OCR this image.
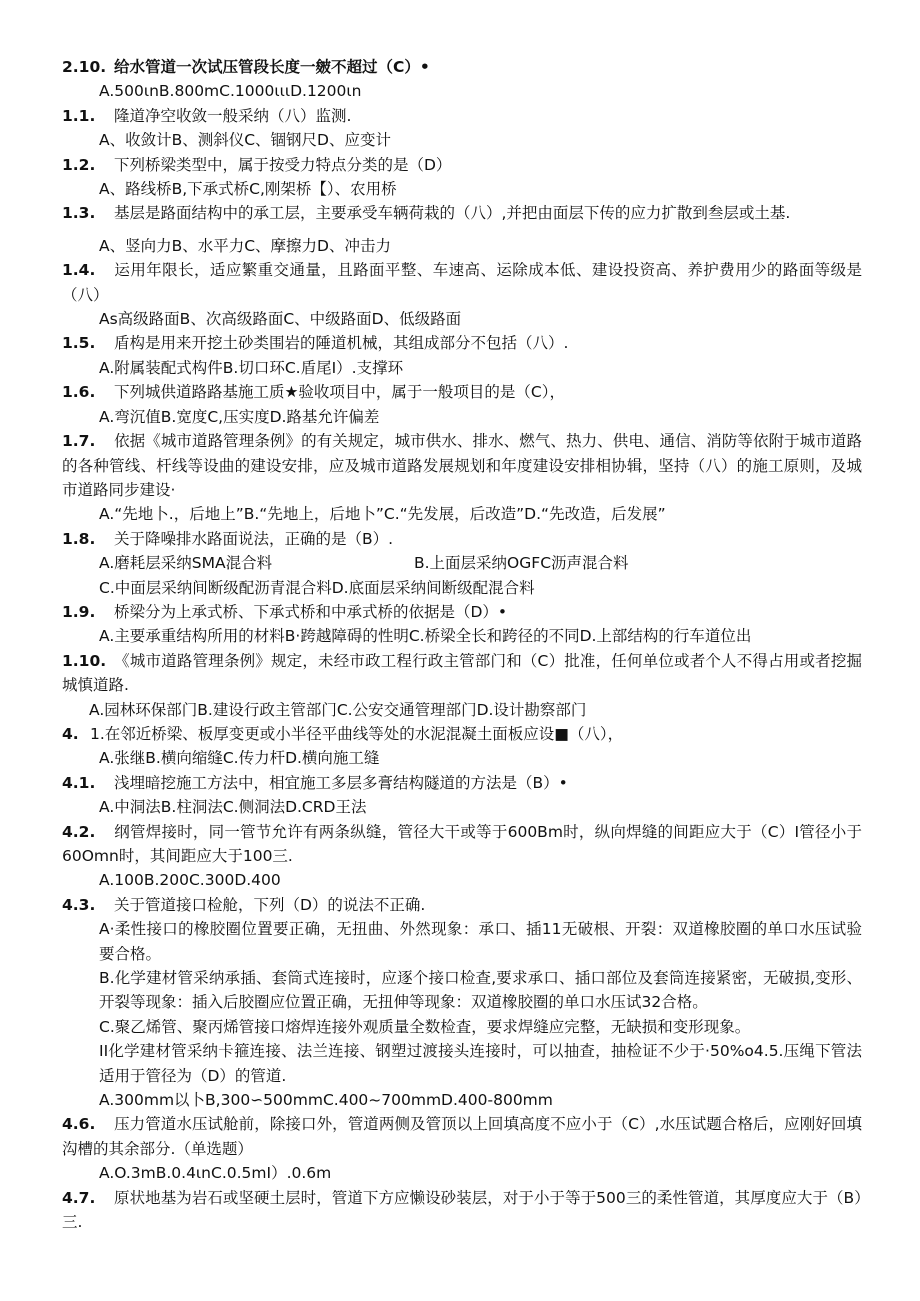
2.10. 给水管道一次试压管段长度一皴不超过（C）•

A.500ιnB.800mC.1000ιιιD.1200ιn

1.1. 隆道净空收敛一般采纳（八）监测.

A、收敛计B、测斜仪C、锢钢尺D、应变计

1.2. 下列桥梁类型中，属于按受力特点分类的是（D）

A、路线桥B,下承式桥C,刚架桥【）、农用桥

1.3. 基层是路面结构中的承工层，主要承受车辆荷栽的（八）,并把由面层下传的应力扩散到叁层或土基.

A、竖向力B、水平力C、摩擦力D、冲击力

1.4. 运用年限长，适应繁重交通量，且路面平整、车速高、运除成本低、建设投资高、养护费用少的路面等级是（八）

As高级路面B、次高级路面C、中级路面D、低级路面

1.5. 盾构是用来开挖土砂类围岩的陲道机械，其组成部分不包括（八）.

A.附属装配式构件B.切口环C.盾尾I）.支撑环

1.6. 下列城供道路路基施工质★验收项目中，属于一般项目的是（C），

A.弯沉值B.宽度C,压实度D.路基允许偏差

1.7. 依据《城市道路管理条例》的有关规定，城市供水、排水、燃气、热力、供电、通信、消防等依附于城市道路的各种管线、杆线等设曲的建设安排，应及城市道路发展规划和年度建设安排相协辑，坚持（八）的施工原则，及城市道路同步建设·

A.“先地卜.，后地上”B.“先地上，后地卜”C.“先发展，后改造”D.“先改造，后发展”

1.8. 关于降噪排水路面说法，正确的是（B）.

A.磨耗层采纳SMA混合料	B.上面层采纳OGFC沥声混合料

C.中面层采纳间断级配沥青混合料D.底面层采纳间断级配混合料

1.9. 桥梁分为上承式桥、下承式桥和中承式桥的依据是（D）•

A.主要承重结构所用的材料B·跨越障碍的性明C.桥梁全长和跨径的不同D.上部结构的行车道位出

1.10. 《城市道路管理条例》规定，未经市政工程行政主管部门和（C）批准，任何单位或者个人不得占用或者挖掘城慎道路.

A.园林环保部门B.建设行政主管部门C.公安交通管理部门D.设计勘察部门

4. 1.在邻近桥梁、板厚变更或小半径平曲线等处的水泥混凝土面板应设■（八），

A.张继B.横向缩缝C.传力杆D.横向施工缝

4.1. 浅埋暗挖施工方法中，相宜施工多层多膏结构隧道的方法是（B）•

A.中洞法B.柱洞法C.侧洞法D.CRD王法

4.2. 纲管焊接时，同一管节允许有两条纵缝，管径大干或等于600Bm时，纵向焊缝的间距应大于（C）I管径小于60Omn时，其间距应大于100三.

A.100B.200C.300D.400

4.3. 关于管道接口检舱，下列（D）的说法不正确.

A·柔性接口的橡胶圈位置要正确，无扭曲、外然现象：承口、插11无破根、开裂：双道橡胶圈的单口水压试验要合格。

B.化学建材管采纳承插、套筒式连接时，应逐个接口检查,要求承口、插口部位及套筒连接紧密，无破损,变形、开裂等现象：插入后胶圈应位置正确，无扭伸等现象：双道橡胶圈的单口水压试32合格。

C.聚乙烯管、聚丙烯管接口熔焊连接外观质量全数检査，要求焊缝应完整，无缺损和变形现象。

II化学建材管采纳卡箍连接、法兰连接、钢塑过渡接头连接时，可以抽查，抽检证不少于·50%o4.5.压绳下管法适用于管径为（D）的管道.

A.300mm以卜B,300∽500mmC.400~700mmD.400-800mm

4.6. 压力管道水压试舱前，除接口外，管道两侧及管顶以上回填高度不应小于（C）,水压试题合格后，应刚好回填沟槽的其余部分.（单选题）

A.O.3mB.0.4ιnC.0.5mI）.0.6m

4.7. 原状地基为岩石或坚硬土层时，管道下方应懒设砂装层，对于小于等于500三的柔性管道，其厚度应大于（B）三.
